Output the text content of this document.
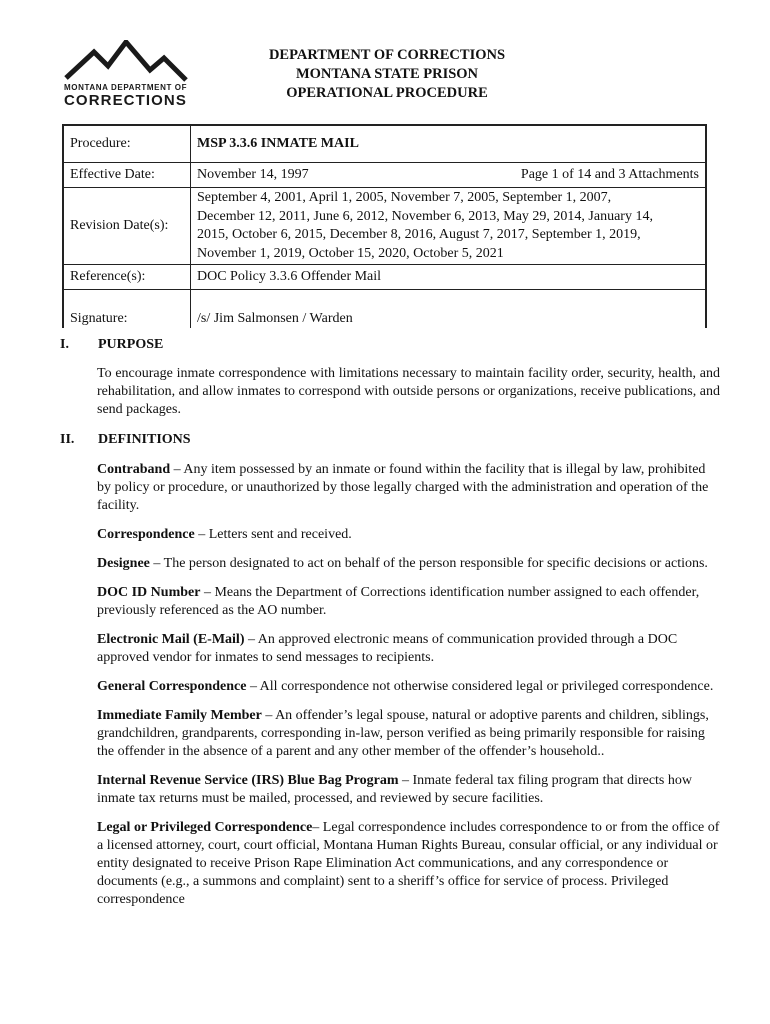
MONTANA DEPARTMENT OF
CORRECTIONS
DEPARTMENT OF CORRECTIONS
MONTANA STATE PRISON
OPERATIONAL PROCEDURE
Procedure:	MSP 3.3.6 INMATE MAIL
Effective Date:	November 14, 1997 Page 1 of 14 and 3 Attachments

Revision Date(s):	September 4, 2001, April 1, 2005, November 7, 2005, September 1, 2007,
December 12, 2011, June 6, 2012, November 6, 2013, May 29, 2014, January 14,
2015, October 6, 2015, December 8, 2016, August 7, 2017, September 1, 2019,
November 1, 2019, October 15, 2020, October 5, 2021

Reference(s):	DOC Policy 3.3.6 Offender Mail
Signature:	/s/ Jim Salmonsen / Warden
I.	PURPOSE

To encourage inmate correspondence with limitations necessary to maintain facility order, security, health, and rehabilitation, and allow inmates to correspond with outside persons or organizations, receive publications, and send packages.

II.	DEFINITIONS
Contraband – Any item possessed by an inmate or found within the facility that is illegal by law, prohibited by policy or procedure, or unauthorized by those legally charged with the administration and operation of the facility.
Correspondence – Letters sent and received.
Designee – The person designated to act on behalf of the person responsible for specific decisions or actions.
DOC ID Number – Means the Department of Corrections identification number assigned to each offender, previously referenced as the AO number.
Electronic Mail (E-Mail) – An approved electronic means of communication provided through a DOC approved vendor for inmates to send messages to recipients.
General Correspondence – All correspondence not otherwise considered legal or privileged correspondence.
Immediate Family Member – An offender’s legal spouse, natural or adoptive parents and children, siblings, grandchildren, grandparents, corresponding in-law, person verified as being primarily responsible for raising the offender in the absence of a parent and any other member of the offender’s household..
Internal Revenue Service (IRS) Blue Bag Program – Inmate federal tax filing program that directs how inmate tax returns must be mailed, processed, and reviewed by secure facilities.
Legal or Privileged Correspondence– Legal correspondence includes correspondence to or from the office of a licensed attorney, court, court official, Montana Human Rights Bureau, consular official, or any individual or entity designated to receive Prison Rape Elimination Act communications, and any correspondence or documents (e.g., a summons and complaint) sent to a sheriff’s office for service of process. Privileged correspondence
